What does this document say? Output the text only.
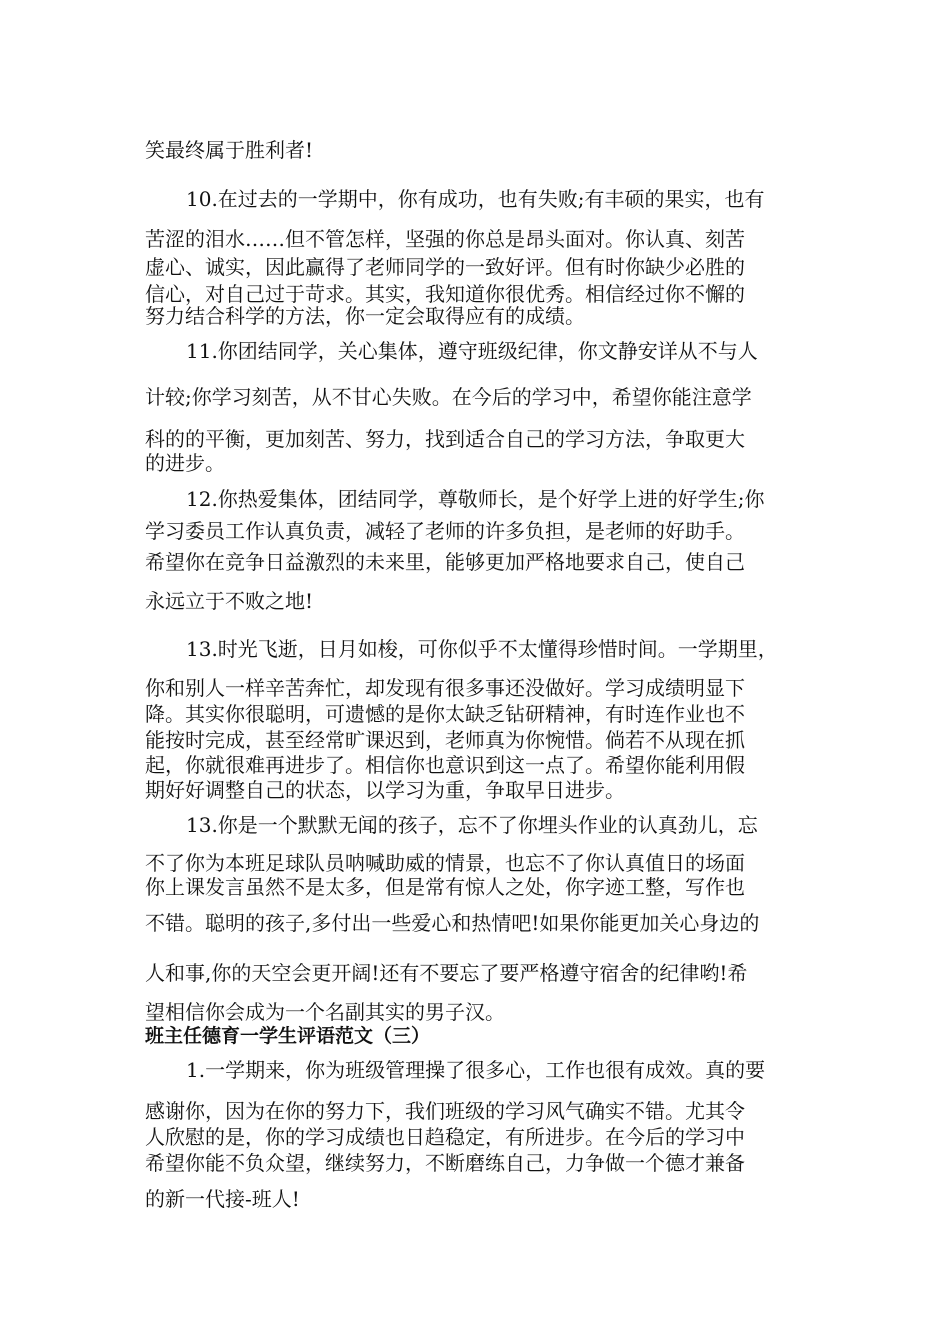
笑最终属于胜利者!

10.在过去的一学期中，你有成功，也有失败;有丰硕的果实，也有

苦涩的泪水……但不管怎样，坚强的你总是昂头面对。你认真、刻苦

虚心、诚实，因此赢得了老师同学的一致好评。但有时你缺少必胜的

信心，对自己过于苛求。其实，我知道你很优秀。相信经过你不懈的

努力结合科学的方法，你一定会取得应有的成绩。

11.你团结同学，关心集体，遵守班级纪律，你文静安详从不与人

计较;你学习刻苦，从不甘心失败。在今后的学习中，希望你能注意学

科的的平衡，更加刻苦、努力，找到适合自己的学习方法，争取更大

的进步。

12.你热爱集体，团结同学，尊敬师长，是个好学上进的好学生;你

学习委员工作认真负责，减轻了老师的许多负担，是老师的好助手。

希望你在竞争日益激烈的未来里，能够更加严格地要求自己，使自己

永远立于不败之地!

13.时光飞逝，日月如梭，可你似乎不太懂得珍惜时间。一学期里，

你和别人一样辛苦奔忙，却发现有很多事还没做好。学习成绩明显下

降。其实你很聪明，可遗憾的是你太缺乏钻研精神，有时连作业也不

能按时完成，甚至经常旷课迟到，老师真为你惋惜。倘若不从现在抓

起，你就很难再进步了。相信你也意识到这一点了。希望你能利用假

期好好调整自己的状态，以学习为重，争取早日进步。

13.你是一个默默无闻的孩子，忘不了你埋头作业的认真劲儿，忘

不了你为本班足球队员呐喊助威的情景，也忘不了你认真值日的场面

你上课发言虽然不是太多，但是常有惊人之处，你字迹工整，写作也

不错。聪明的孩子,多付出一些爱心和热情吧!如果你能更加关心身边的

人和事,你的天空会更开阔!还有不要忘了要严格遵守宿舍的纪律哟!希

望相信你会成为一个名副其实的男子汉。

班主任德育一学生评语范文（三）

1.一学期来，你为班级管理操了很多心，工作也很有成效。真的要

感谢你，因为在你的努力下，我们班级的学习风气确实不错。尤其令

人欣慰的是，你的学习成绩也日趋稳定，有所进步。在今后的学习中

希望你能不负众望，继续努力，不断磨练自己，力争做一个德才兼备

的新一代接-班人!
